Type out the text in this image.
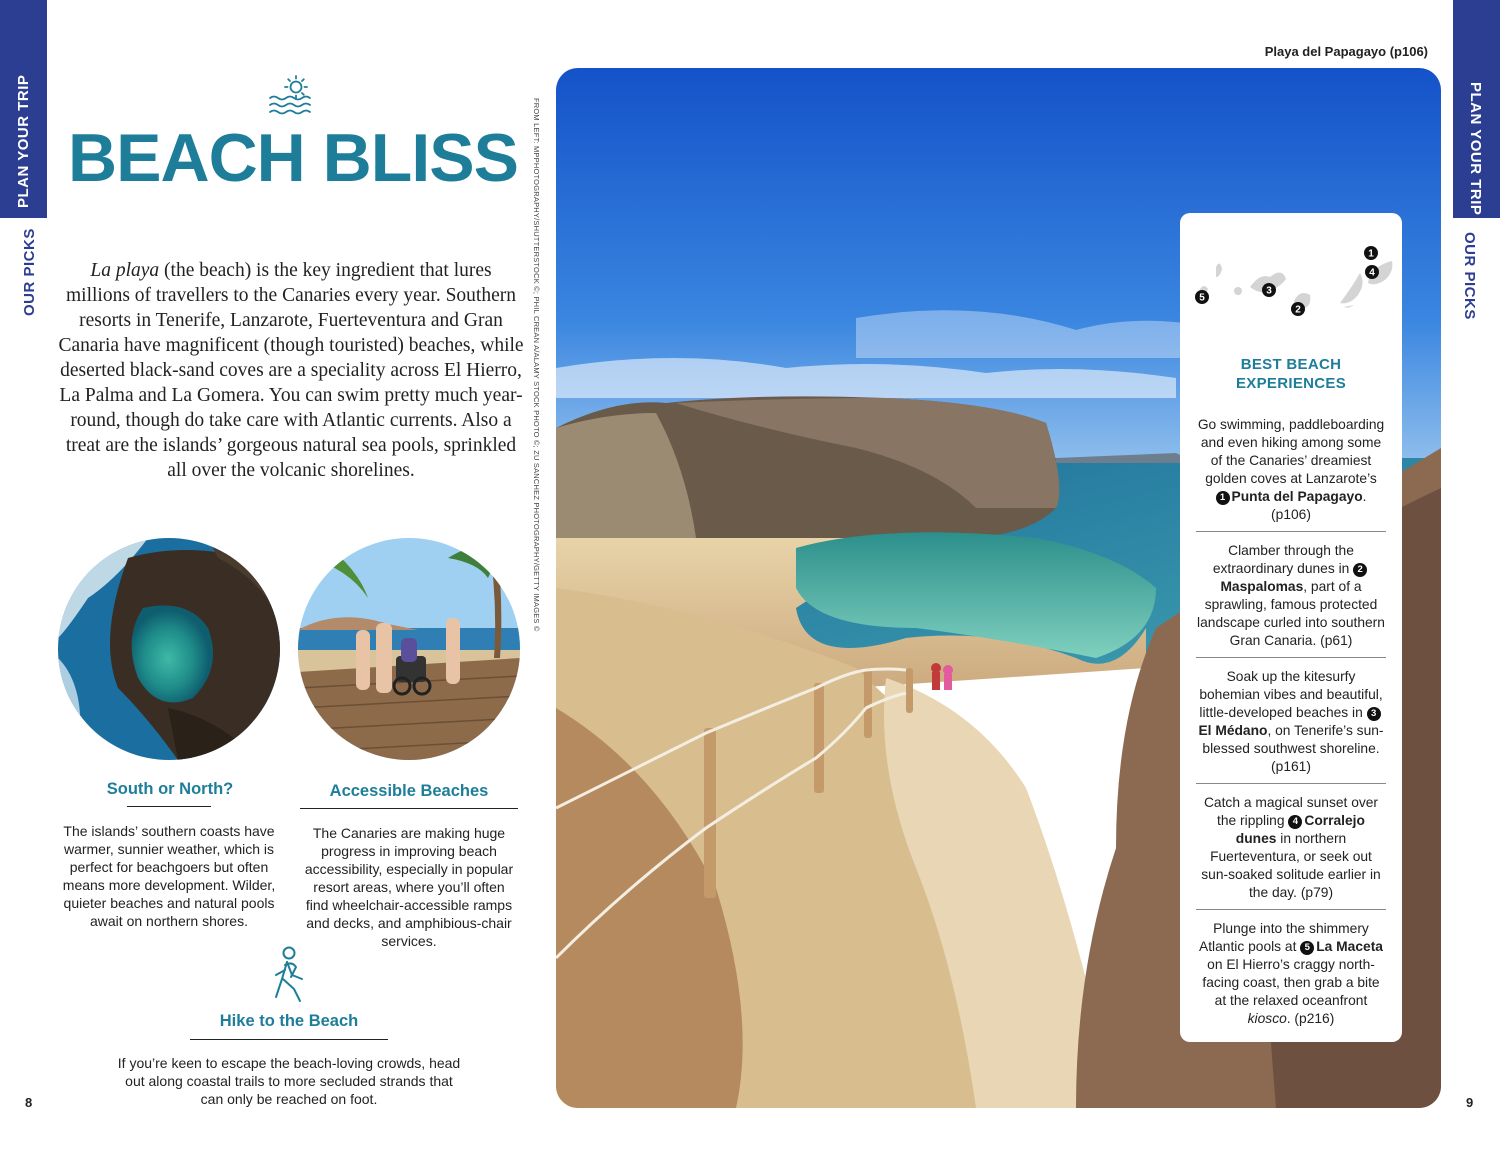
PLAN YOUR TRIP
OUR PICKS
PLAN YOUR TRIP
OUR PICKS
BEACH BLISS
La playa (the beach) is the key ingredient that lures millions of travellers to the Canaries every year. Southern resorts in Tenerife, Lanzarote, Fuerteventura and Gran Canaria have magnificent (though touristed) beaches, while deserted black-sand coves are a speciality across El Hierro, La Palma and La Gomera. You can swim pretty much year-round, though do take care with Atlantic currents. Also a treat are the islands’ gorgeous natural sea pools, sprinkled all over the volcanic shorelines.
South or North?
The islands’ southern coasts have warmer, sunnier weather, which is perfect for beachgoers but often means more development. Wilder, quieter beaches and natural pools await on northern shores.
Accessible Beaches
The Canaries are making huge progress in improving beach accessibility, especially in popular resort areas, where you’ll often find wheelchair-accessible ramps and decks, and amphibious-chair services.
Hike to the Beach
If you’re keen to escape the beach-loving crowds, head out along coastal trails to more secluded strands that can only be reached on foot.
8
FROM LEFT: MPPHOTOGRAPHY/SHUTTERSTOCK ©; PHIL CREAN A/ALAMY STOCK PHOTO ©; ZU SANCHEZ PHOTOGRAPHY/GETTY IMAGES ©
Playa del Papagayo (p106)
1
2
3
4
5
BEST BEACH
EXPERIENCES
Go swimming, paddleboarding and even hiking among some of the Canaries’ dreamiest golden coves at Lanzarote’s 1 Punta del Papagayo. (p106)
Clamber through the extraordinary dunes in 2Maspalomas, part of a sprawling, famous protected landscape curled into southern Gran Canaria. (p61)
Soak up the kitesurfy bohemian vibes and beautiful, little-developed beaches in 3El Médano, on Tenerife’s sun-blessed southwest shoreline. (p161)
Catch a magical sunset over the rippling 4 Corralejo dunes in northern Fuerteventura, or seek out sun-soaked solitude earlier in the day. (p79)
Plunge into the shimmery Atlantic pools at 5 La Maceta on El Hierro’s craggy north-facing coast, then grab a bite at the relaxed oceanfront kiosco. (p216)
9
